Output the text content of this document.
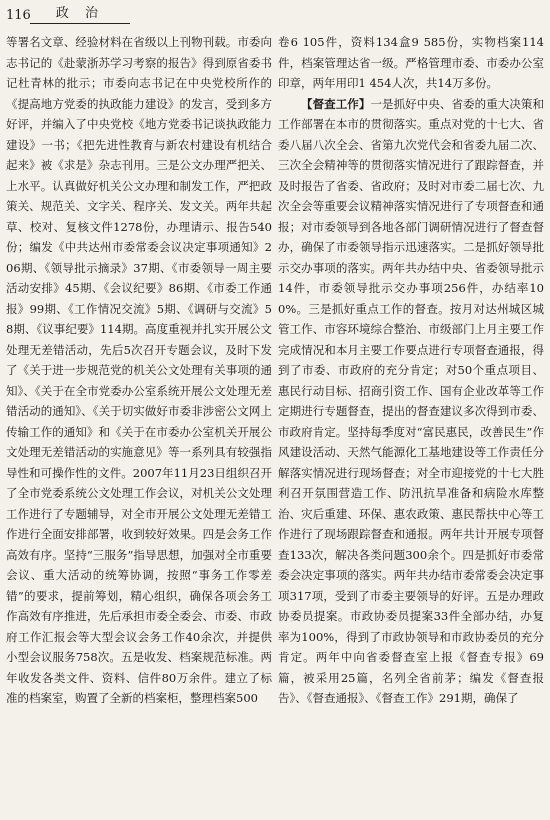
116	政 治

等署名文章、经验材料在省级以上刊物刊载。市委向志书记的《赴蒙浙苏学习考察的报告》得到原省委书记杜青林的批示；市委向志书记在中央党校所作的《提高地方党委的执政能力建设》的发言，受到多方好评，并编入了中央党校《地方党委书记谈执政能力建设》一书；《把先进性教育与新农村建设有机结合起来》被《求是》杂志刊用。三是公文办理严把关、上水平。认真做好机关公文办理和制发工作，严把政策关、规范关、文字关、程序关、发文关。两年共起草、校对、复核文件1278份，办理请示、报告540份；编发《中共达州市委常委会议决定事项通知》206期、《领导批示摘录》37期、《市委领导一周主要活动安排》45期、《会议纪要》86期、《市委工作通报》99期、《工作情况交流》5期、《调研与交流》58期、《议事纪要》114期。高度重视并扎实开展公文处理无差错活动，先后5次召开专题会议，及时下发了《关于进一步规范党的机关公文处理有关事项的通知》、《关于在全市党委办公室系统开展公文处理无差错活动的通知》、《关于切实做好市委非涉密公文网上传输工作的通知》和《关于在市委办公室机关开展公文处理无差错活动的实施意见》等一系列具有较强指导性和可操作性的文件。2007年11月23日组织召开了全市党委系统公文处理工作会议，对机关公文处理工作进行了专题辅导，对全市开展公文处理无差错工作进行全面安排部署，收到较好效果。四是会务工作高效有序。坚持“三服务”指导思想，加强对全市重要会议、重大活动的统筹协调，按照“事务工作零差错”的要求，提前筹划，精心组织，确保各项会务工作高效有序推进，先后承担市委全委会、市委、市政府工作汇报会等大型会议会务工作40余次，并提供小型会议服务758次。五是收发、档案规范标准。两年收发各类文件、资料、信件80万余件。建立了标准的档案室，购置了全新的档案柜，整理档案500

卷6 105件，资料134盒9 585份，实物档案114件，档案管理达省一级。严格管理市委、市委办公室印章，两年用印1 454人次，共14万多份。

【督查工作】一是抓好中央、省委的重大决策和工作部署在本市的贯彻落实。重点对党的十七大、省委八届八次全会、省第九次党代会和省委九届二次、三次全会精神等的贯彻落实情况进行了跟踪督查，并及时报告了省委、省政府；及时对市委二届七次、九次全会等重要会议精神落实情况进行了专项督查和通报；对市委领导到各地各部门调研情况进行了督查督办，确保了市委领导指示迅速落实。二是抓好领导批示交办事项的落实。两年共办结中央、省委领导批示14件，市委领导批示交办事项256件，办结率100%。三是抓好重点工作的督查。按月对达州城区城管工作、市容环境综合整治、市级部门上月主要工作完成情况和本月主要工作要点进行专项督查通报，得到了市委、市政府的充分肯定；对50个重点项目、惠民行动目标、招商引资工作、国有企业改革等工作定期进行专题督查，提出的督查建议多次得到市委、市政府肯定。坚持每季度对“富民惠民，改善民生”作风建设活动、天然气能源化工基地建设等工作责任分解落实情况进行现场督查；对全市迎接党的十七大胜利召开氛围营造工作、防汛抗旱准备和病险水库整治、灾后重建、环保、惠农政策、惠民帮扶中心等工作进行了现场跟踪督查和通报。两年共计开展专项督查133次，解决各类问题300余个。四是抓好市委常委会决定事项的落实。两年共办结市委常委会决定事项317项，受到了市委主要领导的好评。五是办理政协委员提案。市政协委员提案33件全部办结，办复率为100%，得到了市政协领导和市政协委员的充分肯定。两年中向省委督查室上报《督查专报》69篇，被采用25篇，名列全省前茅；编发《督查报告》、《督查通报》、《督查工作》291期，确保了
